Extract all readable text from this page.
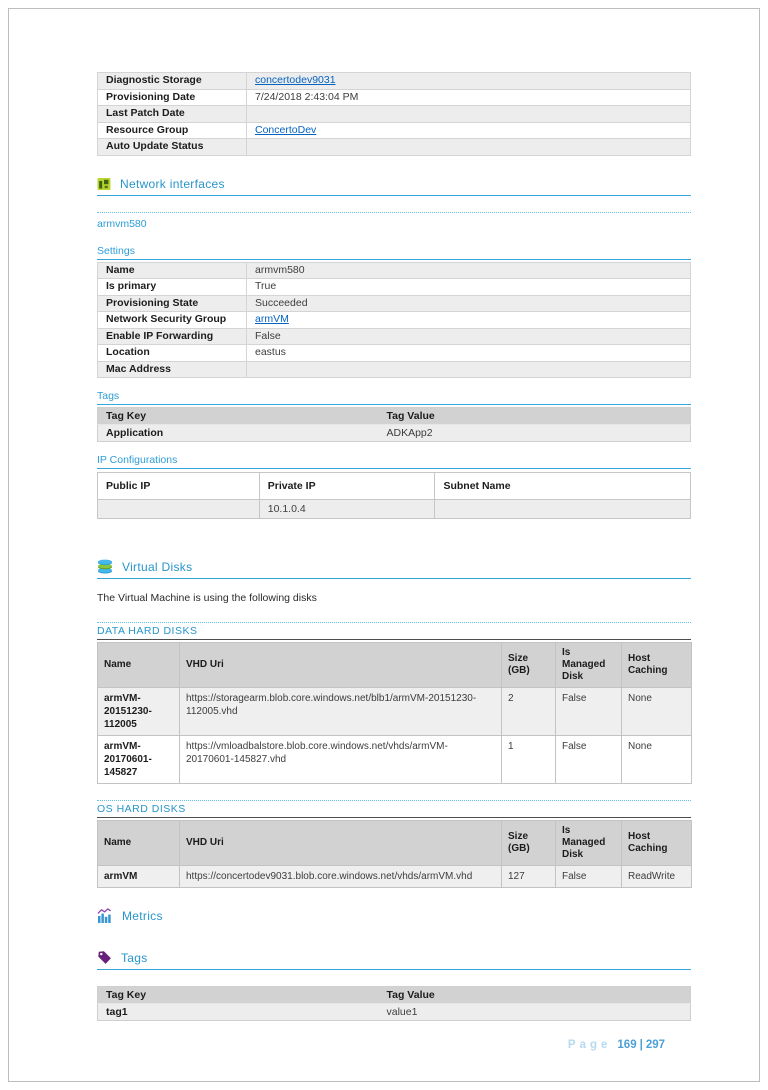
Diagnostic Storage	concertodev9031
Provisioning Date	7/24/2018 2:43:04 PM
Last Patch Date	
Resource Group	ConcertoDev
Auto Update Status	
Network interfaces
armvm580
Settings
Name	armvm580
Is primary	True
Provisioning State	Succeeded
Network Security Group	armVM
Enable IP Forwarding	False
Location	eastus
Mac Address	
Tags
Tag Key	Tag Value
Application	ADKApp2
IP Configurations
Public IP	Private IP	Subnet Name
	10.1.0.4	
Virtual Disks
The Virtual Machine is using the following disks
DATA HARD DISKS
Name	VHD Uri	Size (GB)	Is Managed Disk	Host Caching
armVM-20151230-112005	https://storagearm.blob.core.windows.net/blb1/armVM-20151230-112005.vhd	2	False	None
armVM-20170601-145827	https://vmloadbalstore.blob.core.windows.net/vhds/armVM-20170601-145827.vhd	1	False	None
OS HARD DISKS
Name	VHD Uri	Size (GB)	Is Managed Disk	Host Caching
armVM	https://concertodev9031.blob.core.windows.net/vhds/armVM.vhd	127	False	ReadWrite
Metrics
Tags
Tag Key	Tag Value
tag1	value1
Page 169 | 297
